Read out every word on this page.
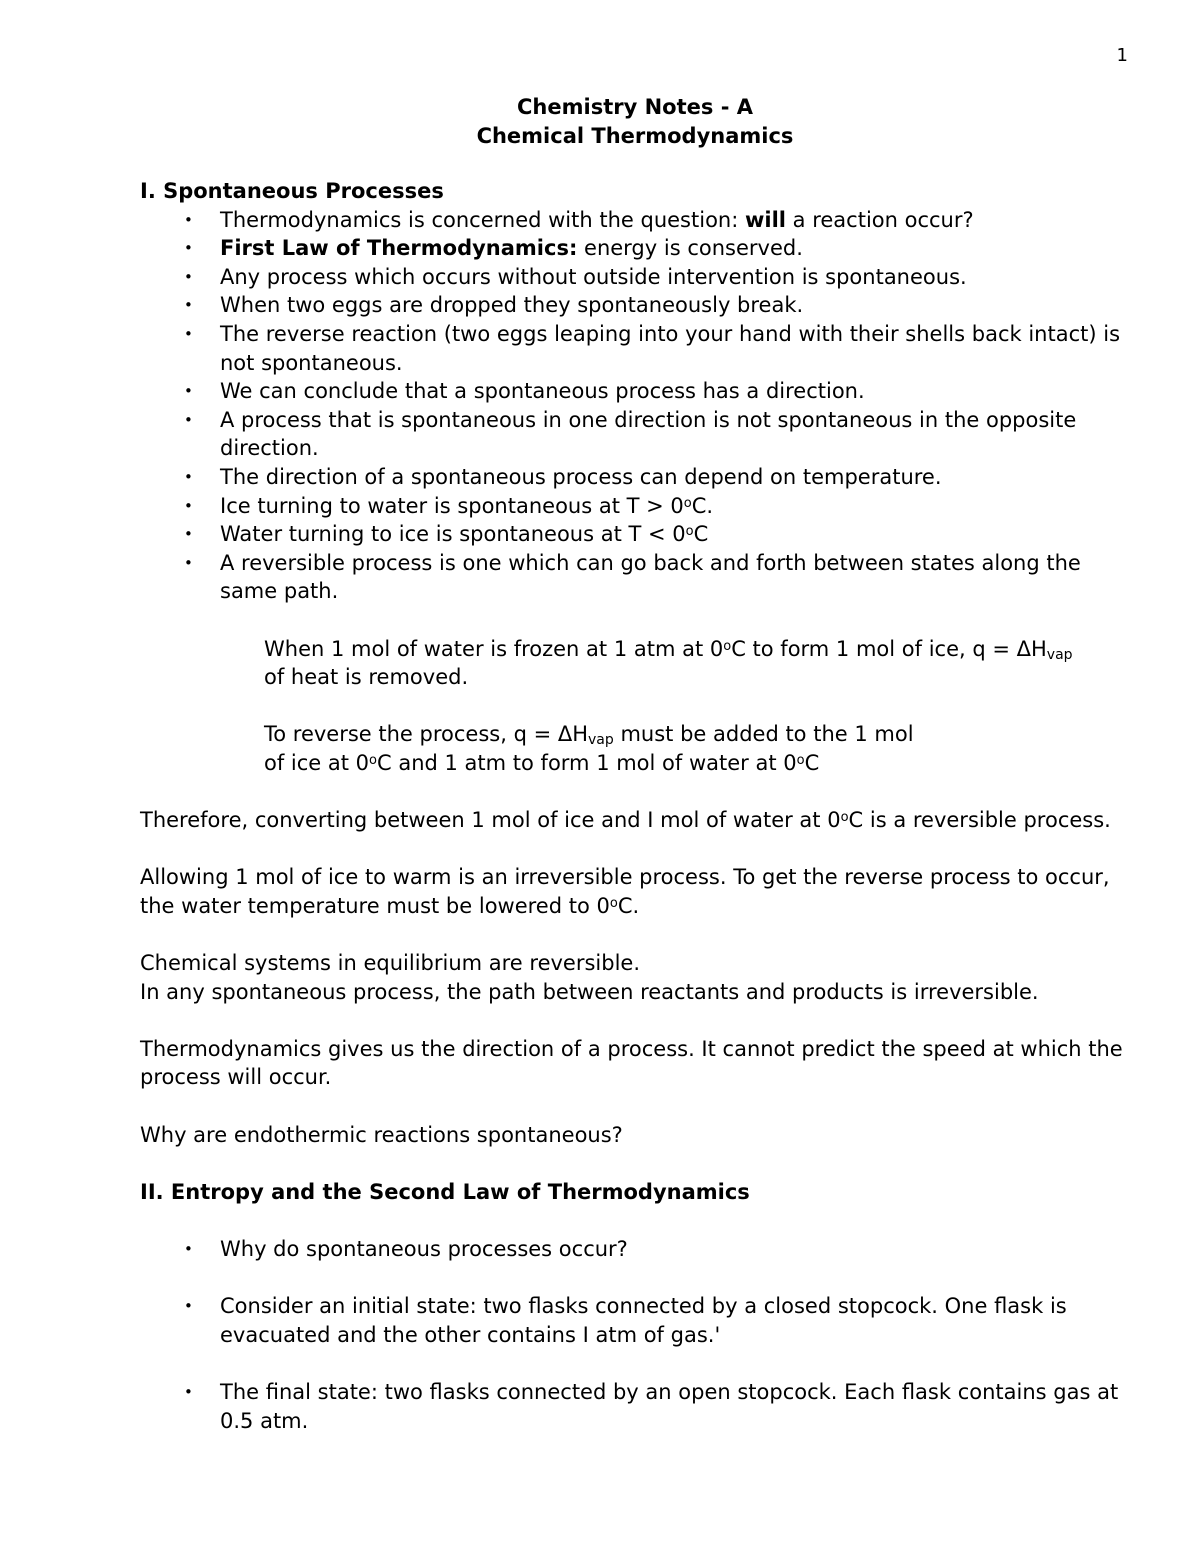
1
Chemistry Notes - A
Chemical Thermodynamics
I. Spontaneous Processes
• Thermodynamics is concerned with the question: will a reaction occur?
• First Law of Thermodynamics: energy is conserved.
• Any process which occurs without outside intervention is spontaneous.
• When two eggs are dropped they spontaneously break.
• The reverse reaction (two eggs leaping into your hand with their shells back intact) is not spontaneous.
• We can conclude that a spontaneous process has a direction.
• A process that is spontaneous in one direction is not spontaneous in the opposite direction.
• The direction of a spontaneous process can depend on temperature.
• Ice turning to water is spontaneous at $T > 0^oC$.
• Water turning to ice is spontaneous at $T < 0^oC$
• A reversible process is one which can go back and forth between states along the same path.
When 1 mol of water is frozen at 1 atm at 0$^o$C to form 1 mol of ice, $q = \Delta H_{vap}$
of heat is removed.
To reverse the process, $q = \Delta H_{vap}$ must be added to the 1 mol
of ice at 0$^o$C and 1 atm to form 1 mol of water at 0$^o$C

Therefore, converting between 1 mol of ice and I mol of water at 0$^o$C is a reversible process.

Allowing 1 mol of ice to warm is an irreversible process. To get the reverse process to occur, the water temperature must be lowered to 0$^o$C.

Chemical systems in equilibrium are reversible.

In any spontaneous process, the path between reactants and products is irreversible.

Thermodynamics gives us the direction of a process. It cannot predict the speed at which the process will occur.

Why are endothermic reactions spontaneous?

II. Entropy and the Second Law of Thermodynamics
• Why do spontaneous processes occur?
• Consider an initial state: two flasks connected by a closed stopcock. One flask is evacuated and the other contains I atm of gas.'
• The final state: two flasks connected by an open stopcock. Each flask contains gas at 0.5 atm.
